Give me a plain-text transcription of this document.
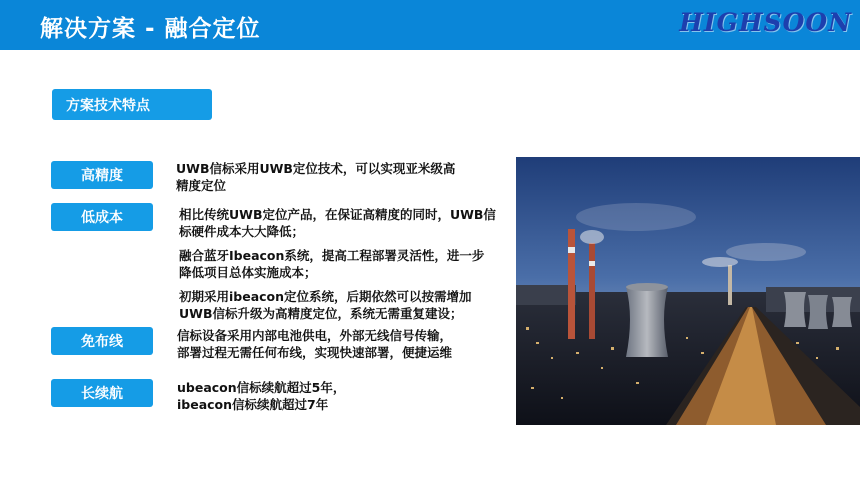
解决方案 - 融合定位	HIGHSOON
方案技术特点
高精度	UWB信标采用UWB定位技术，可以实现亚米级高
精度定位
低成本	相比传统UWB定位产品，在保证高精度的同时，UWB信
标硬件成本大大降低；
融合蓝牙Ibeacon系统，提高工程部署灵活性，进一步
降低项目总体实施成本；
初期采用ibeacon定位系统，后期依然可以按需增加
UWB信标升级为高精度定位，系统无需重复建设；
免布线	信标设备采用内部电池供电，外部无线信号传输，
部署过程无需任何布线，实现快速部署，便捷运维
长续航	ubeacon信标续航超过5年，
ibeacon信标续航超过7年
